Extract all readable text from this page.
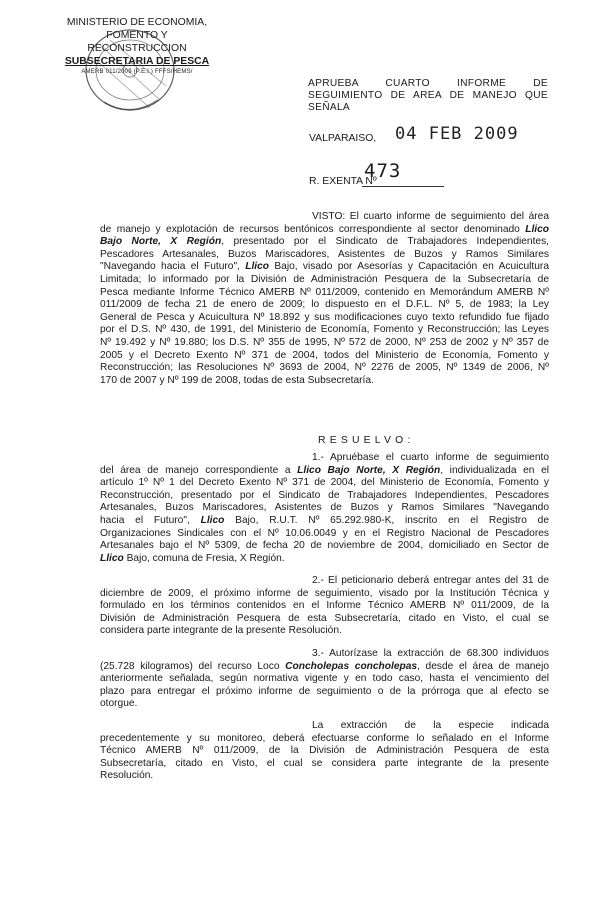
MINISTERIO DE ECONOMIA,
FOMENTO Y RECONSTRUCCION
SUBSECRETARIA DE PESCA
AMERB 011/2009 (P.E.I.) FFFS/HEMS/
APRUEBA CUARTO INFORME DE
SEGUIMIENTO DE AREA DE MANEJO QUE
SEÑALA
VALPARAISO, 04 FEB 2009
R. EXENTA Nº
473
VISTO: El cuarto informe de seguimiento del área
de manejo y explotación de recursos bentónicos correspondiente al sector denominado Llico
Bajo Norte, X Región, presentado por el Sindicato de Trabajadores Independientes,
Pescadores Artesanales, Buzos Mariscadores, Asistentes de Buzos y Ramos Similares
"Navegando hacia el Futuro", Llico Bajo, visado por Asesorías y Capacitación en Acuicultura
Limitada; lo informado por la División de Administración Pesquera de la Subsecretaría de
Pesca mediante Informe Técnico AMERB Nº 011/2009, contenido en Memorándum AMERB Nº
011/2009 de fecha 21 de enero de 2009; lo dispuesto en el D.F.L. Nº 5, de 1983; la Ley
General de Pesca y Acuicultura Nº 18.892 y sus modificaciones cuyo texto refundido fue fijado
por el D.S. Nº 430, de 1991, del Ministerio de Economía, Fomento y Reconstrucción; las Leyes
Nº 19.492 y Nº 19.880; los D.S. Nº 355 de 1995, Nº 572 de 2000, Nº 253 de 2002 y Nº 357 de
2005 y el Decreto Exento Nº 371 de 2004, todos del Ministerio de Economía, Fomento y
Reconstrucción; las Resoluciones Nº 3693 de 2004, Nº 2276 de 2005, Nº 1349 de 2006, Nº
170 de 2007 y Nº 199 de 2008, todas de esta Subsecretaría.
RESUELVO:
1.- Apruébase el cuarto informe de seguimiento
del área de manejo correspondiente a Llico Bajo Norte, X Región, individualizada en el
artículo 1º Nº 1 del Decreto Exento Nº 371 de 2004, del Ministerio de Economía, Fomento y
Reconstrucción, presentado por el Sindicato de Trabajadores Independientes, Pescadores
Artesanales, Buzos Mariscadores, Asistentes de Buzos y Ramos Similares "Navegando
hacia el Futuro", Llico Bajo, R.U.T. Nº 65.292.980-K, inscrito en el Registro de
Organizaciones Sindicales con el Nº 10.06.0049 y en el Registro Nacional de Pescadores
Artesanales bajo el Nº 5309, de fecha 20 de noviembre de 2004, domiciliado en Sector de
Llico Bajo, comuna de Fresia, X Región.
2.- El peticionario deberá entregar antes del 31 de
diciembre de 2009, el próximo informe de seguimiento, visado por la Institución Técnica y
formulado en los términos contenidos en el Informe Técnico AMERB Nº 011/2009, de la
División de Administración Pesquera de esta Subsecretaría, citado en Visto, el cual se
considera parte integrante de la presente Resolución.
3.- Autorízase la extracción de 68.300 individuos
(25.728 kilogramos) del recurso Loco Concholepas concholepas, desde el área de manejo
anteriormente señalada, según normativa vigente y en todo caso, hasta el vencimiento del
plazo para entregar el próximo informe de seguimiento o de la prórroga que al efecto se
otorgue.
La extracción de la especie indicada
precedentemente y su monitoreo, deberá efectuarse conforme lo señalado en el Informe
Técnico AMERB Nº 011/2009, de la División de Administración Pesquera de esta
Subsecretaría, citado en Visto, el cual se considera parte integrante de la presente
Resolución.
